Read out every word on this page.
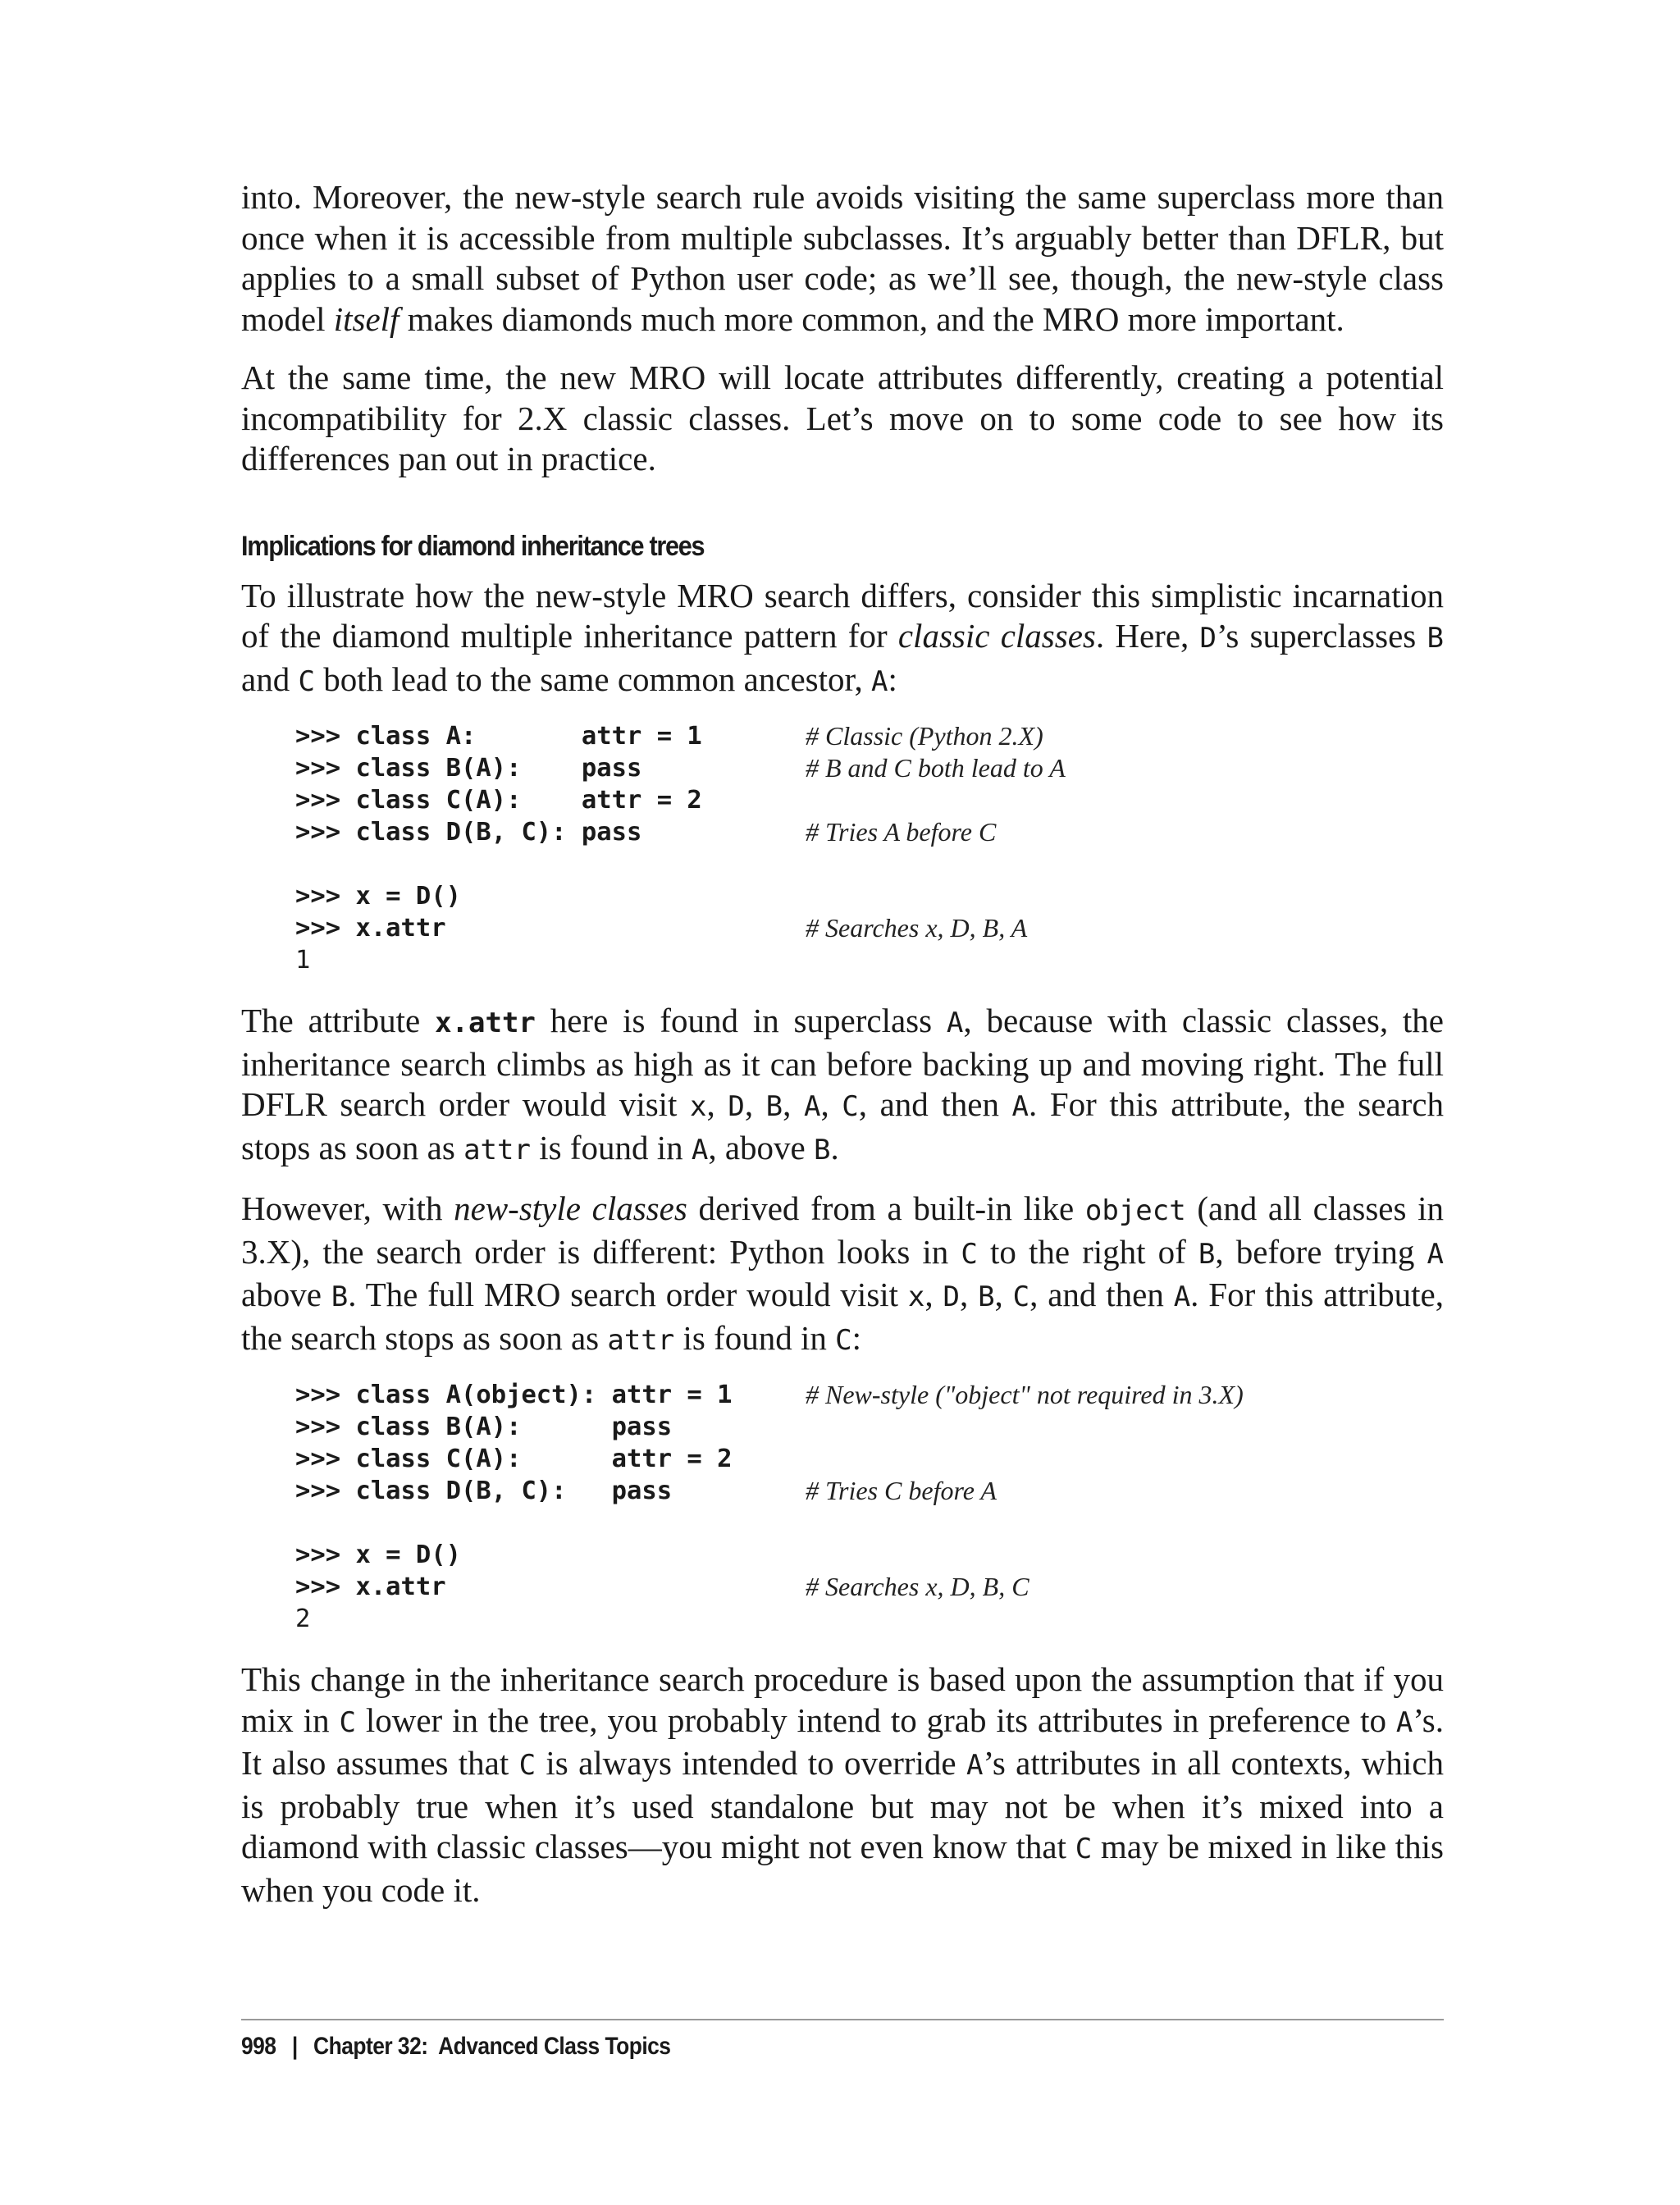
into. Moreover, the new-style search rule avoids visiting the same superclass more than once when it is accessible from multiple subclasses. It’s arguably better than DFLR, but applies to a small subset of Python user code; as we’ll see, though, the new-style class model itself makes diamonds much more common, and the MRO more important.

At the same time, the new MRO will locate attributes differently, creating a potential incompatibility for 2.X classic classes. Let’s move on to some code to see how its differences pan out in practice.

Implications for diamond inheritance trees

To illustrate how the new-style MRO search differs, consider this simplistic incarnation of the diamond multiple inheritance pattern for classic classes. Here, D’s superclasses B and C both lead to the same common ancestor, A:

>>> class A:       attr = 1	# Classic (Python 2.X)
>>> class B(A):    pass	# B and C both lead to A
>>> class C(A):    attr = 2
>>> class D(B, C): pass	# Tries A before C
>>> x = D()
>>> x.attr	# Searches x, D, B, A
1

The attribute x.attr here is found in superclass A, because with classic classes, the inheritance search climbs as high as it can before backing up and moving right. The full DFLR search order would visit x, D, B, A, C, and then A. For this attribute, the search stops as soon as attr is found in A, above B.

However, with new-style classes derived from a built-in like object (and all classes in 3.X), the search order is different: Python looks in C to the right of B, before trying A above B. The full MRO search order would visit x, D, B, C, and then A. For this attribute, the search stops as soon as attr is found in C:

>>> class A(object): attr = 1	# New-style ("object" not required in 3.X)
>>> class B(A):      pass
>>> class C(A):      attr = 2
>>> class D(B, C):   pass	# Tries C before A
>>> x = D()
>>> x.attr	# Searches x, D, B, C
2

This change in the inheritance search procedure is based upon the assumption that if you mix in C lower in the tree, you probably intend to grab its attributes in preference to A’s. It also assumes that C is always intended to override A’s attributes in all contexts, which is probably true when it’s used standalone but may not be when it’s mixed into a diamond with classic classes—you might not even know that C may be mixed in like this when you code it.

998 | Chapter 32:  Advanced Class Topics
